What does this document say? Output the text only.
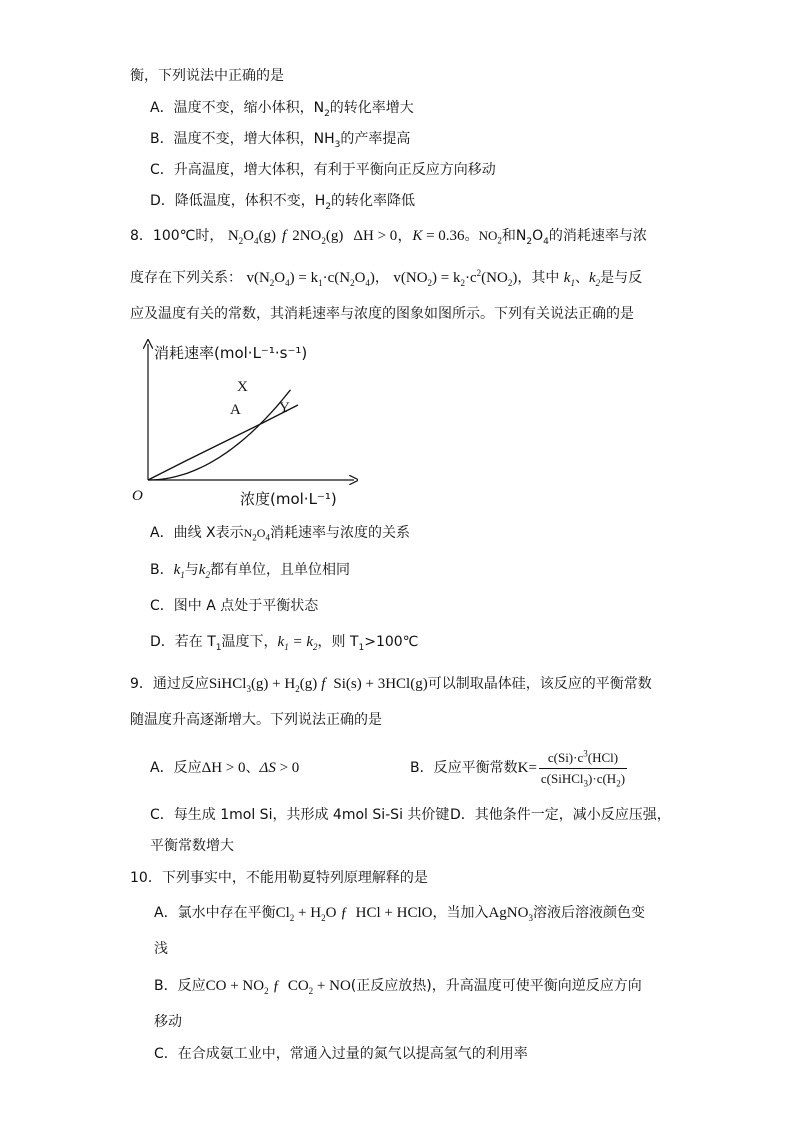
衡，下列说法中正确的是
A．温度不变，缩小体积，$N_2$的转化率增大
B．温度不变，增大体积，$NH_3$的产率提高
C．升高温度，增大体积，有利于平衡向正反应方向移动
D．降低温度，体积不变，$H_2$的转化率降低
8．100℃时， $N_2O_4(g)$ f $2NO_2(g) \Delta H > 0$，K = 0.36。$NO_2$和$N_2O_4$的消耗速率与浓
度存在下列关系： $v(N_2O_4) = k_1\cdot c(N_2O_4)$， $v(NO_2) = k_2\cdot c^2(NO_2)$，其中 $k_1$、$k_2$是与反
应及温度有关的常数，其消耗速率与浓度的图象如图所示。下列有关说法正确的是
消耗速率(mol·L⁻¹·s⁻¹)
浓度(mol·L⁻¹)
O
X
Y
A
A．曲线 X表示$N_2O_4$消耗速率与浓度的关系
B．$k_1$与$k_2$都有单位，且单位相同
C．图中 A 点处于平衡状态
D．若在 $T_1$温度下，$k_1 = k_2$，则 $T_1>100℃$
9．通过反应SiHCl$_3$(g) + $H_2(g)$ f Si(s) + 3HCl(g)可以制取晶体硅，该反应的平衡常数
随温度升高逐渐增大。下列说法正确的是
A．反应ΔH > 0、ΔS > 0	B．反应平衡常数$K= \frac{c(Si)\cdot c^3(HCl)}{c(SiHCl_3)\cdot c(H_2)}$
C．每生成 1mol Si，共形成 4mol Si-Si 共价键 D．其他条件一定，减小反应压强，
平衡常数增大
10．下列事实中，不能用勒夏特列原理解释的是
A．氯水中存在平衡$Cl_2 + H_2O$ ƒ HCl + HClO，当加入AgNO$_3$溶液后溶液颜色变
浅
B．反应CO + $NO_2$ ƒ $CO_2 + NO$(正反应放热)，升高温度可使平衡向逆反应方向
移动
C．在合成氨工业中，常通入过量的氮气以提高氢气的利用率
